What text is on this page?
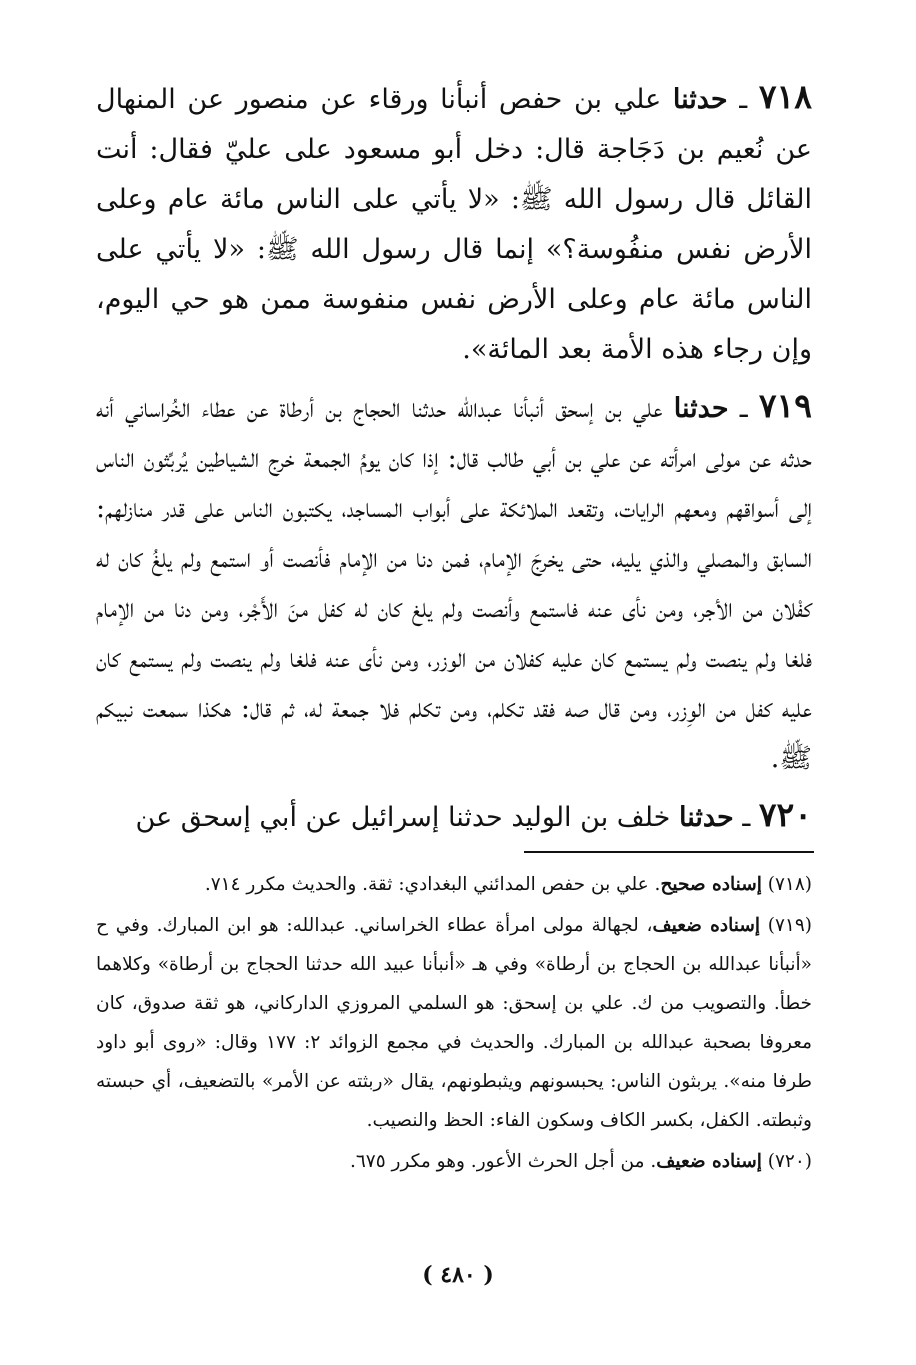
٧١٨ ـ حدثنا علي بن حفص أنبأنا ورقاء عن منصور عن المنهال عن نُعيم بن دَجَاجة قال: دخل أبو مسعود على عليّ فقال: أنت القائل قال رسول الله ﷺ: «لا يأتي على الناس مائة عام وعلى الأرض نفس منفُوسة؟» إنما قال رسول الله ﷺ: «لا يأتي على الناس مائة عام وعلى الأرض نفس منفوسة ممن هو حي اليوم، وإن رجاء هذه الأمة بعد المائة».

٧١٩ ـ حدثنا علي بن إسحق أنبأنا عبدالله حدثنا الحجاج بن أرطاة عن عطاء الخُراساني أنه حدثه عن مولى امرأته عن علي بن أبي طالب قال: إذا كان يومُ الجمعة خرج الشياطين يُربِّثون الناس إلى أسواقهم ومعهم الرايات، وتقعد الملائكة على أبواب المساجد، يكتبون الناس على قدر منازلهم: السابق والمصلي والذي يليه، حتى يخرجَ الإمام، فمن دنا من الإمام فأنصت أو استمع ولم يلغُ كان له كفْلان من الأجر، ومن نأى عنه فاستمع وأنصت ولم يلغ كان له كفل منَ الأَجْر، ومن دنا من الإمام فلغا ولم ينصت ولم يستمع كان عليه كفلان من الوزر، ومن نأى عنه فلغا ولم ينصت ولم يستمع كان عليه كفل من الوِزر، ومن قال صه فقد تكلم، ومن تكلم فلا جمعة له، ثم قال: هكذا سمعت نبيكم ﷺ.

٧٢٠ ـ حدثنا خلف بن الوليد حدثنا إسرائيل عن أبي إسحق عن

(٧١٨) إسناده صحيح. علي بن حفص المدائني البغدادي: ثقة. والحديث مكرر ٧١٤.

(٧١٩) إسناده ضعيف، لجهالة مولى امرأة عطاء الخراساني. عبدالله: هو ابن المبارك. وفي ح «أنبأنا عبدالله بن الحجاج بن أرطاة» وفي هـ «أنبأنا عبيد الله حدثنا الحجاج بن أرطاة» وكلاهما خطأ. والتصويب من ك. علي بن إسحق: هو السلمي المروزي الداركاني، هو ثقة صدوق، كان معروفا بصحبة عبدالله بن المبارك. والحديث في مجمع الزوائد ٢: ١٧٧ وقال: «روى أبو داود طرفا منه». يربثون الناس: يحبسونهم ويثبطونهم، يقال «ربثته عن الأمر» بالتضعيف، أي حبسته وثبطته. الكفل، بكسر الكاف وسكون الفاء: الحظ والنصيب.

(٧٢٠) إسناده ضعيف. من أجل الحرث الأعور. وهو مكرر ٦٧٥.

( ٤٨٠ )
